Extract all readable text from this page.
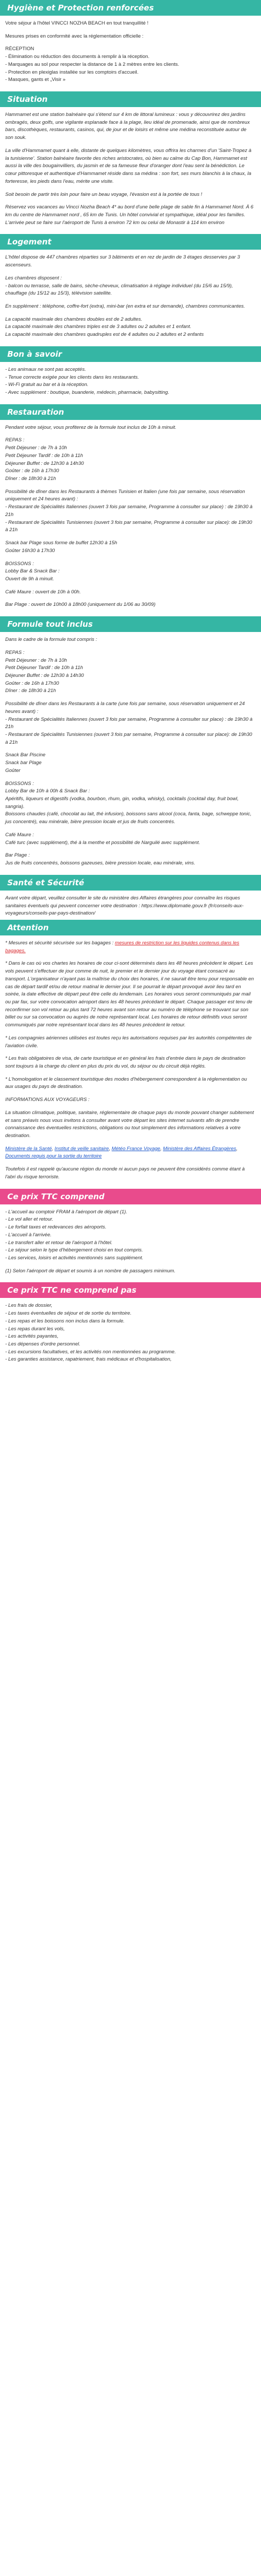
Hygiène et Protection renforcées

Votre séjour à l'hôtel VINCCI NOZHA BEACH en tout tranquillité !

Mesures prises en conformité avec la réglementation officielle :

RÉCEPTION
- Élimination ou réduction des documents à remplir à la réception.
- Marquages au sol pour respecter la distance de 1 à 2 mètres entre les clients.
- Protection en plexiglas installée sur les comptoirs d'accueil.
- Masques, gants et „Visir »

Situation

Hammamet est une station balnéaire qui s'étend sur 4 km de littoral lumineux : vous y découvrirez des jardins ombragés, deux golfs, une vigilante esplanade face à la plage, lieu idéal de promenade, ainsi que de nombreux bars, discothèques, restaurants, casinos, qui, de jour et de loisirs et même une médina reconstituée autour de son souk.

La ville d'Hammamet quant à elle, distante de quelques kilomètres, vous offrira les charmes d'un 'Saint-Tropez à la tunisienne'. Station balnéaire favorite des riches aristocrates, où bien au calme du Cap Bon, Hammamet est aussi la ville des bougainvilliers, du jasmin et de sa fameuse fleur d'oranger dont l'eau sent la bénédiction. Le cœur pittoresque et authentique d'Hammamet réside dans sa médina : son fort, ses murs blanchis à la chaux, la forteresse, les pieds dans l'eau, mérite une visite.

Soit besoin de partir très loin pour faire un beau voyage, l'évasion est à la portée de tous !

Réservez vos vacances au Vincci Nozha Beach 4* au bord d'une belle plage de sable fin à Hammamet Nord. À 6 km du centre de Hammamet nord , 65 km de Tunis. Un hôtel convivial et sympathique, idéal pour les familles. L'arrivée peut se faire sur l'aéroport de Tunis à environ 72 km ou celui de Monastir à 114 km environ

Logement

L'hôtel dispose de 447 chambres réparties sur 3 bâtiments et en rez de jardin de 3 étages desservies par 3 ascenseurs.

Les chambres disposent :
- balcon ou terrasse, salle de bains, sèche-cheveux, climatisation à réglage individuel (du 15/6 au 15/9), chauffage (du 15/12 au 15/3), télévision satellite.

En supplément : téléphone, coffre-fort (extra), mini-bar (en extra et sur demande), chambres communicantes.

La capacité maximale des chambres doubles est de 2 adultes.
La capacité maximale des chambres triples est de 3 adultes ou 2 adultes et 1 enfant.
La capacité maximale des chambres quadruples est de 4 adultes ou 2 adultes et 2 enfants

Bon à savoir

- Les animaux ne sont pas acceptés.
- Tenue correcte exigée pour les clients dans les restaurants.
- Wi-Fi gratuit au bar et à la réception.
- Avec supplément : boutique, buanderie, médecin, pharmacie, babysitting.

Restauration

Pendant votre séjour, vous profiterez de la formule tout inclus de 10h à minuit.

REPAS :
Petit Déjeuner : de 7h à 10h
Petit Déjeuner Tardif : de 10h à 11h
Déjeuner Buffet : de 12h30 à 14h30
Goûter : de 16h à 17h30
Dîner : de 18h30 à 21h

Possibilité de dîner dans les Restaurants à thèmes Tunisien et Italien (une fois par semaine, sous réservation uniquement et 24 heures avant) :
- Restaurant de Spécialités Italiennes (ouvert 3 fois par semaine, Programme à consulter sur place) : de 19h30 à 21h
- Restaurant de Spécialités Tunisiennes (ouvert 3 fois par semaine, Programme à consulter sur place): de 19h30 à 21h

Snack bar Plage sous forme de buffet 12h30 à 15h
Goûter 16h30 à 17h30

BOISSONS :
Lobby Bar & Snack Bar :
Ouvert de 9h à minuit.

Café Maure : ouvert de 10h à 00h.

Bar Plage : ouvert de 10h00 à 18h00 (uniquement du 1/06 au 30/09)

Formule tout inclus

Dans le cadre de la formule tout compris :

REPAS :
Petit Déjeuner : de 7h à 10h
Petit Déjeuner Tardif : de 10h à 11h
Déjeuner Buffet : de 12h30 à 14h30
Goûter : de 16h à 17h30
Dîner : de 18h30 à 21h

Possibilité de dîner dans les Restaurants à la carte (une fois par semaine, sous réservation uniquement et 24 heures avant) :
- Restaurant de Spécialités Italiennes (ouvert 3 fois par semaine, Programme à consulter sur place) : de 19h30 à 21h
- Restaurant de Spécialités Tunisiennes (ouvert 3 fois par semaine, Programme à consulter sur place): de 19h30 à 21h

Snack Bar Piscine
Snack bar Plage
Goûter

BOISSONS :
Lobby Bar de 10h à 00h & Snack Bar :
Apéritifs, liqueurs et digestifs (vodka, bourbon, rhum, gin, vodka, whisky), cocktails (cocktail day, fruit bowl, sangria).
Boissons chaudes (café, chocolat au lait, thé infusion), boissons sans alcool (coca, fanta, bage, schweppe tonic, jus concentré), eau minérale, bière pression locale et jus de fruits concentrés.

Café Maure :
Café turc (avec supplément), thé à la menthe et possibilité de Narguilé avec supplément.

Bar Plage :
Jus de fruits concentrés, boissons gazeuses, bière pression locale, eau minérale, vins.

Santé et Sécurité

Avant votre départ, veuillez consulter le site du ministère des Affaires étrangères pour connaître les risques sanitaires éventuels qui peuvent concerner votre destination : https://www.diplomatie.gouv.fr (fr/conseils-aux-voyageurs/conseils-par-pays-destination/

Attention

* Mesures et sécurité sécurisée sur les bagages : mesures de restriction sur les liquides contenus dans les bagages.

* Dans le cas où vos chartes les horaires de cour ci-sont déterminés dans les 48 heures précèdent le départ. Les vols peuvent s'effectuer de jour comme de nuit, le premier et le dernier jour du voyage étant consacré au transport. L'organisateur n'ayant pas la maîtrise du choix des horaires, il ne saurait être tenu pour responsable en cas de départ tardif et/ou de retour matinal le dernier jour. Il se pourrait le départ provoqué avoir lieu tard en soirée, la date effective de départ peut être celle du lendemain. Les horaires vous seront communiqués par mail ou par fax, sur votre convocation aéroport dans les 48 heures précédant le départ. Chaque passager est tenu de reconfirmer son vol retour au plus tard 72 heures avant son retour au numéro de téléphone se trouvant sur son billet ou sur sa convocation ou auprès de notre représentant local. Les horaires de retour définitifs vous seront communiqués par notre représentant local dans les 48 heures précédent le retour.

* Les compagnies aériennes utilisées est toutes reçu les autorisations requises par les autorités compétentes de l'aviation civile.

* Les frais obligatoires de visa, de carte touristique et en général les frais d'entrée dans le pays de destination sont toujours à la charge du client en plus du prix du vol, du séjour ou du circuit déjà réglés.

* L'homologation et le classement touristique des modes d'hébergement correspondent à la réglementation ou aux usages du pays de destination.

INFORMATIONS AUX VOYAGEURS :

La situation climatique, politique, sanitaire, réglementaire de chaque pays du monde pouvant changer subitement et sans préavis nous vous invitons à consulter avant votre départ les sites internet suivants afin de prendre connaissance des éventuelles restrictions, obligations ou tout simplement des informations relatives à votre destination.

Ministère de la Santé, Institut de veille sanitaire, Météo France Voyage, Ministère des Affaires Étrangères, Documents requis pour la sortie du territoire

Toutefois il est rappelé qu'aucune région du monde ni aucun pays ne peuvent être considérés comme étant à l'abri du risque terroriste.

Ce prix TTC comprend

- L'accueil au comptoir FRAM à l'aéroport de départ (1).
- Le vol aller et retour.
- Le forfait taxes et redevances des aéroports.
- L'accueil à l'arrivée.
- Le transfert aller et retour de l'aéroport à l'hôtel.
- Le séjour selon le type d'hébergement choisi en tout compris.
- Les services, loisirs et activités mentionnés sans supplément.

(1) Selon l'aéroport de départ et soumis à un nombre de passagers minimum.

Ce prix TTC ne comprend pas

- Les frais de dossier,
- Les taxes éventuelles de séjour et de sortie du territoire.
- Les repas et les boissons non inclus dans la formule.
- Les repas durant les vols,
- Les activités payantes,
- Les dépenses d'ordre personnel.
- Les excursions facultatives, et les activités non mentionnées au programme.
- Les garanties assistance, rapatriement, frais médicaux et d'hospitalisation,
